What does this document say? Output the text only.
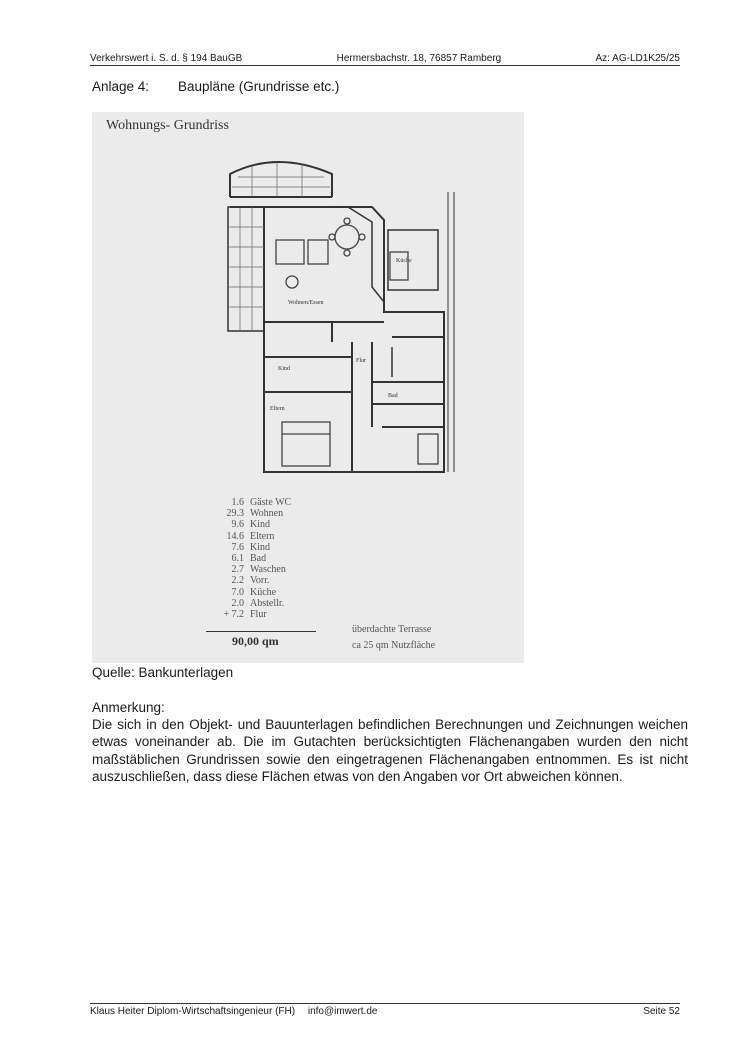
Verkehrswert i. S. d. § 194 BauGB	Hermersbachstr. 18, 76857 Ramberg	Az: AG-LD1K25/25
Anlage 4:	Baupläne (Grundrisse etc.)
Wohnungs- Grundriss
Wohnen/Essen
Küche
Eltern
Kind
Flur
Bad
1.6 Gäste WC
29.3 Wohnen
9.6 Kind
14.6 Eltern
7.6 Kind
6.1 Bad
2.7 Waschen
2.2 Vorr.
7.0 Küche
2.0 Abstellr.
+ 7.2 Flur
90,00 qm
überdachte Terrasse
ca 25 qm Nutzfläche
Quelle: Bankunterlagen
Anmerkung:
Die sich in den Objekt- und Bauunterlagen befindlichen Berechnungen und Zeichnungen weichen etwas voneinander ab. Die im Gutachten berücksichtigten Flächenangaben wurden den nicht maßstäblichen Grundrissen sowie den eingetragenen Flächenangaben entnommen. Es ist nicht auszuschließen, dass diese Flächen etwas von den Angaben vor Ort abweichen können.
Klaus Heiter Diplom-Wirtschaftsingenieur (FH) info@imwert.de	Seite 52
